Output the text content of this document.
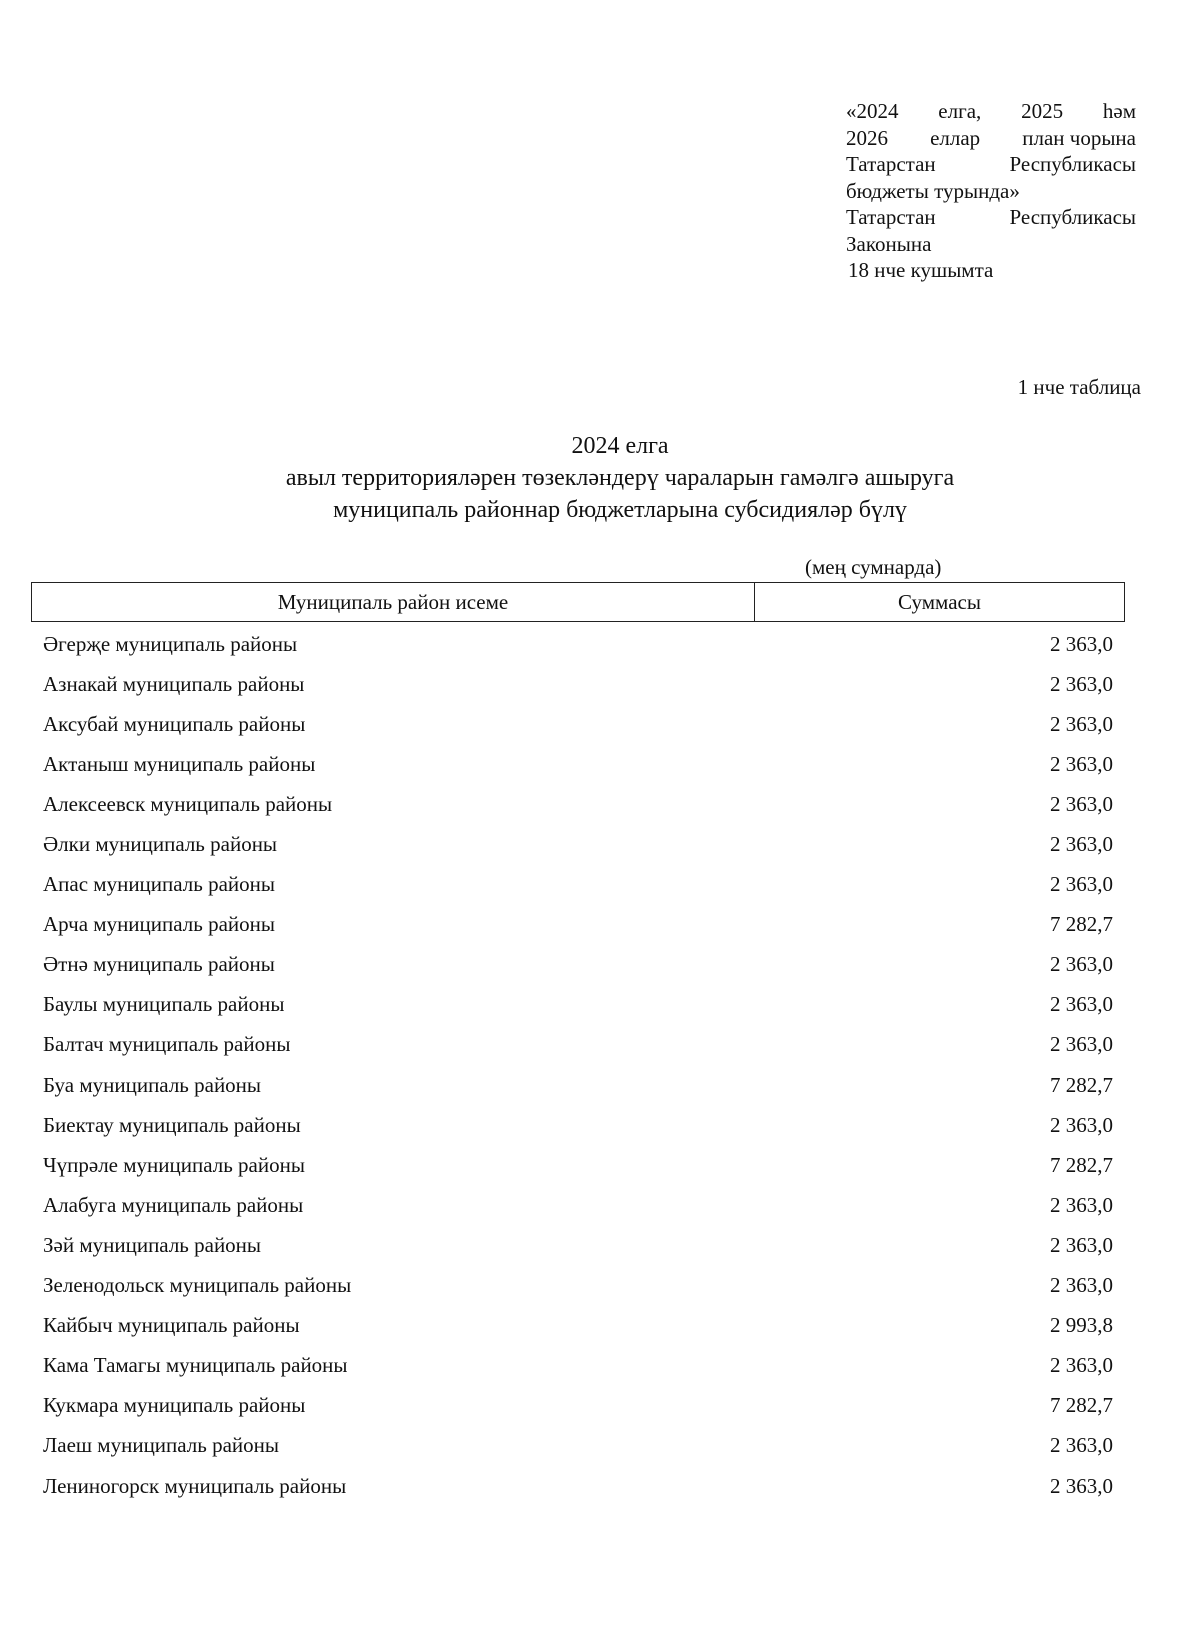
«2024 елга, 2025 һәм
2026 еллар план чорына
Татарстан	Республикасы
бюджеты турында»
Татарстан	Республикасы
Законына
18 нче кушымта
1 нче таблица
2024 елга
авыл территорияләрен төзекләндерү чараларын гамәлгә ашыруга
муниципаль районнар бюджетларына субсидияләр бүлү
(мең сумнарда)
Муниципаль район исеме	Суммасы
Әгерҗе муниципаль районы	2 363,0
Азнакай муниципаль районы	2 363,0
Аксубай муниципаль районы	2 363,0
Актаныш муниципаль районы	2 363,0
Алексеевск муниципаль районы	2 363,0
Әлки муниципаль районы	2 363,0
Апас муниципаль районы	2 363,0
Арча муниципаль районы	7 282,7
Әтнә муниципаль районы	2 363,0
Баулы муниципаль районы	2 363,0
Балтач муниципаль районы	2 363,0
Буа муниципаль районы	7 282,7
Биектау муниципаль районы	2 363,0
Чүпрәле муниципаль районы	7 282,7
Алабуга муниципаль районы	2 363,0
Зәй муниципаль районы	2 363,0
Зеленодольск муниципаль районы	2 363,0
Кайбыч муниципаль районы	2 993,8
Кама Тамагы муниципаль районы	2 363,0
Кукмара муниципаль районы	7 282,7
Лаеш муниципаль районы	2 363,0
Лениногорск муниципаль районы	2 363,0
